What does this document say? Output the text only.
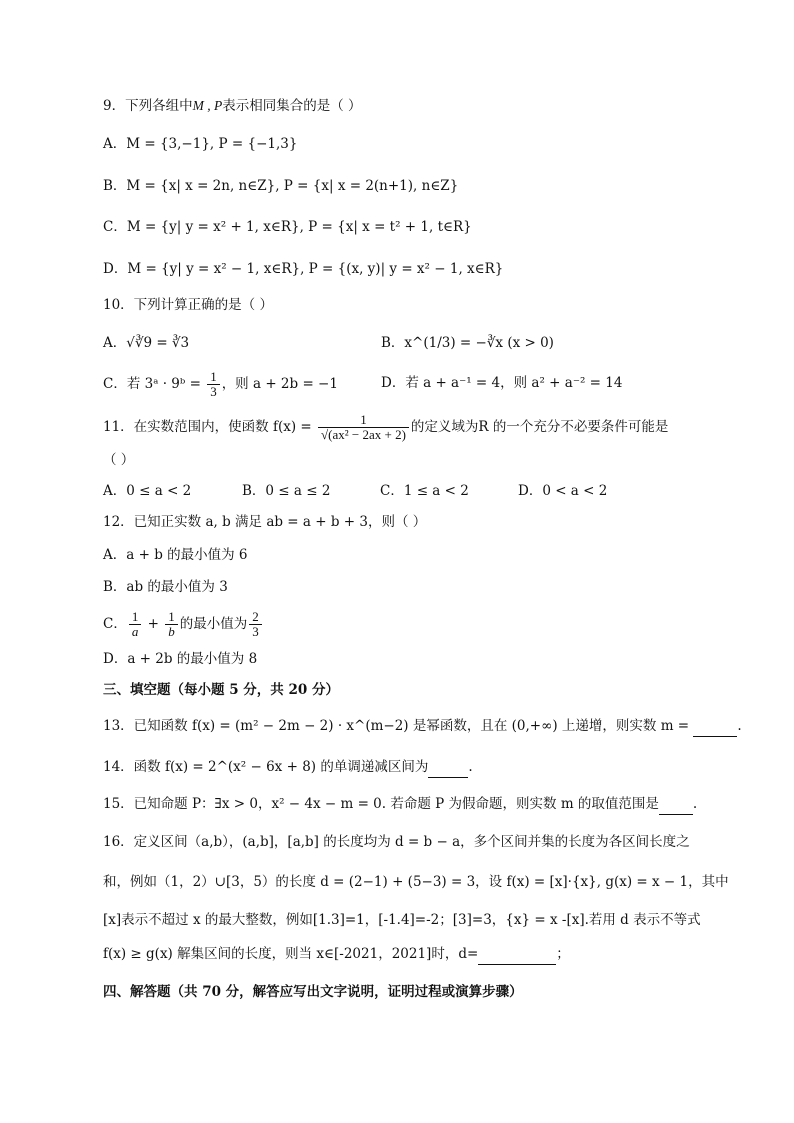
9．下列各组中M , P表示相同集合的是（ ）
A．M = {3,−1}, P = {−1,3}
B．M = {x| x = 2n, n∈Z}, P = {x| x = 2(n+1), n∈Z}
C．M = {y| y = x² + 1, x∈R}, P = {x| x = t² + 1, t∈R}
D．M = {y| y = x² − 1, x∈R}, P = {(x, y)| y = x² − 1, x∈R}
10．下列计算正确的是（ ）
A．√∛9 = ∛3	B．x^(1/3) = −∛x (x > 0)
C．若 3ᵃ · 9ᵇ = $\frac{1}{3}$ ，则 a + 2b = −1	D．若 a + a⁻¹ = 4，则 a² + a⁻² = 14
11．在实数范围内，使函数 $f(x) = \frac{1}{\text{√(ax² − 2ax + 2)}}$ 的定义域为R 的一个充分不必要条件可能是
（ ）
A．0 ≤ a < 2	B．0 ≤ a ≤ 2	C．1 ≤ a < 2	D．0 < a < 2
12．已知正实数 a, b 满足 ab = a + b + 3，则（ ）
A．a + b 的最小值为 6
B．ab 的最小值为 3
C． $\frac{1}{a} + \frac{1}{b}$ 的最小值为 $\frac{2}{3}$
D．a + 2b 的最小值为 8
三、填空题（每小题 5 分，共 20 分）
13．已知函数 f(x) = (m² − 2m − 2) · x^(m−2) 是幂函数，且在 (0,+∞) 上递增，则实数 m =	.
14．函数 f(x) = 2^(x² − 6x + 8) 的单调递减区间为	.
15．已知命题 P：∃x > 0，x² − 4x − m = 0. 若命题 P 为假命题，则实数 m 的取值范围是	.
16．定义区间（a,b），(a,b]，[a,b] 的长度均为 d = b − a，多个区间并集的长度为各区间长度之
和，例如（1，2）∪[3，5）的长度 d = (2−1) + (5−3) = 3，设 f(x) = [x]·{x}, g(x) = x − 1，其中
[x]表示不超过 x 的最大整数，例如[1.3]=1，[-1.4]=-2；[3]=3，{x} = x -[x].若用 d 表示不等式
f(x) ≥ g(x) 解集区间的长度，则当 x∈[-2021，2021]时，d=	；
四、解答题（共 70 分，解答应写出文字说明，证明过程或演算步骤）
